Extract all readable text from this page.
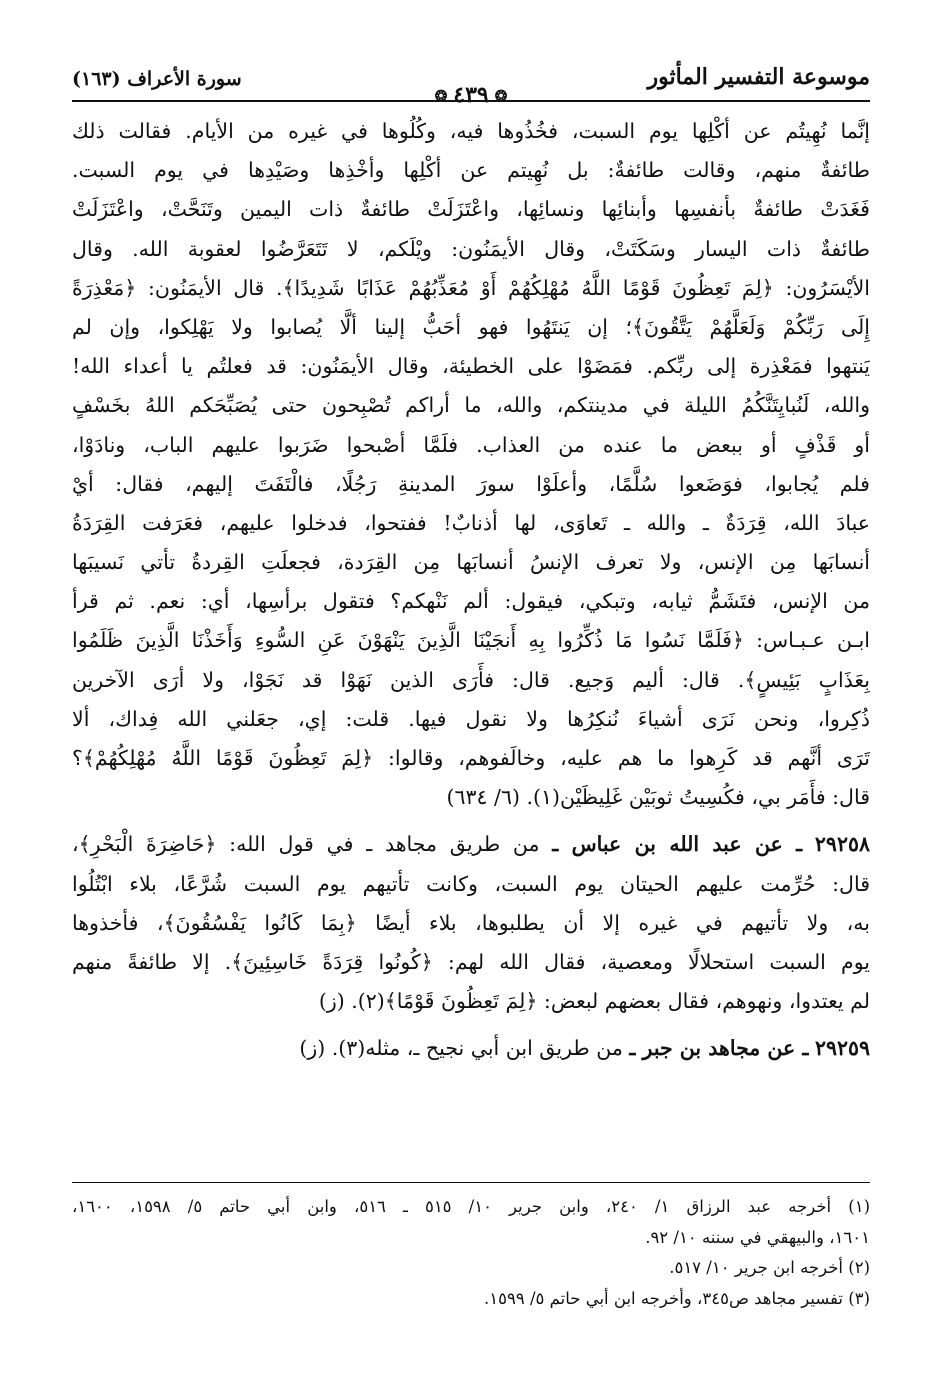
موسوعة التفسير المأثور
❂٤٣٩❂
سورة الأعراف (١٦٣)
إنَّما نُهِيتُم عن أكْلِها يوم السبت، فخُذُوها فيه، وكُلُوها في غيره من الأيام. فقالت ذلك
طائفةٌ منهم، وقالت طائفةٌ: بل نُهِيتم عن أكْلِها وأخْذِها وصَيْدِها في يوم السبت.
فَغَدَتْ طائفةٌ بأنفسِها وأبنائِها ونسائِها، واعْتَزَلَتْ طائفةٌ ذات اليمين وتَنَحَّتْ، واعْتَزَلَتْ
طائفةٌ ذات اليسار وسَكَتَتْ، وقال الأيمَنُون: ويْلَكم، لا تَتَعَرَّضُوا لعقوبة الله. وقال
الأيْسَرُون: ﴿لِمَ تَعِظُونَ قَوْمًا اللَّهُ مُهْلِكُهُمْ أَوْ مُعَذِّبُهُمْ عَذَابًا شَدِيدًا﴾. قال الأيمَنُون: ﴿مَعْذِرَةً
إِلَى رَبِّكُمْ وَلَعَلَّهُمْ يَتَّقُونَ﴾؛ إن يَنتَهُوا فهو أحَبُّ إلينا ألَّا يُصابوا ولا يَهْلِكوا، وإن لم
يَنتهوا فمَعْذِرة إلى ربِّكم. فمَضَوْا على الخطيئة، وقال الأيمَنُون: قد فعلتُم يا أعداء الله!
والله، لَنُبايِتَنَّكُمُ الليلة في مدينتكم، والله، ما أراكم تُصْبِحون حتى يُصَبِّحَكم اللهُ بخَسْفٍ
أو قَذْفٍ أو ببعض ما عنده من العذاب. فلَمَّا أصْبحوا ضَرَبوا عليهم الباب، ونادَوْا،
فلم يُجابوا، فوَضَعوا سُلَّمًا، وأعلَوْا سورَ المدينةِ رَجُلًا، فالْتَفَتَ إليهم، فقال: أيْ
عبادَ الله، قِرَدَةٌ ـ والله ـ تَعاوَى، لها أذنابٌ! ففتحوا، فدخلوا عليهم، فعَرَفت القِرَدَةُ
أنسابَها مِن الإنس، ولا تعرف الإنسُ أنسابَها مِن القِرَدة، فجعلَتِ القِردةُ تأتي نَسيبَها
من الإنس، فتَشَمُّ ثيابه، وتبكي، فيقول: ألم نَنْهكم؟ فتقول برأسِها، أي: نعم. ثم قرأ
ابـن عـبـاس: ﴿فَلَمَّا نَسُوا مَا ذُكِّرُوا بِهِ أَنجَيْنَا الَّذِينَ يَنْهَوْنَ عَنِ السُّوءِ وَأَخَذْنَا الَّذِينَ ظَلَمُوا
بِعَذَابٍ بَئِيسٍ﴾. قال: أليم وَجيع. قال: فأَرَى الذين نَهَوْا قد نَجَوْا، ولا أرَى الآخرين
ذُكِروا، ونحن نَرَى أشياءَ نُنكِرُها ولا نقول فيها. قلت: إي، جعَلني الله فِداك، ألا
تَرَى أنَّهم قد كَرِهوا ما هم عليه، وخالَفوهم، وقالوا: ﴿لِمَ تَعِظُونَ قَوْمًا اللَّهُ مُهْلِكُهُمْ﴾؟
قال: فأَمَر بي، فكُسِيتُ ثوبَيْن غَلِيظَيْن(١). (٦/ ٦٣٤)
٢٩٢٥٨ ـ عن عبد الله بن عباس ـ من طريق مجاهد ـ في قول الله: ﴿حَاضِرَةَ الْبَحْرِ﴾،
قال: حُرِّمت عليهم الحيتان يوم السبت، وكانت تأتيهم يوم السبت شُرَّعًا، بلاء ابْتُلُوا
به، ولا تأتيهم في غيره إلا أن يطلبوها، بلاء أيضًا ﴿بِمَا كَانُوا يَفْسُقُونَ﴾، فأخذوها
يوم السبت استحلالًا ومعصية، فقال الله لهم: ﴿كُونُوا قِرَدَةً خَاسِئِينَ﴾. إلا طائفةً منهم
لم يعتدوا، ونهوهم، فقال بعضهم لبعض: ﴿لِمَ تَعِظُونَ قَوْمًا﴾(٢). (ز)
٢٩٢٥٩ ـ عن مجاهد بن جبر ـ من طريق ابن أبي نجيح ـ، مثله(٣). (ز)
(١) أخرجه عبد الرزاق ١/ ٢٤٠، وابن جرير ١٠/ ٥١٥ ـ ٥١٦، وابن أبي حاتم ٥/ ١٥٩٨، ١٦٠٠،
١٦٠١، والبيهقي في سننه ١٠/ ٩٢.
(٢) أخرجه ابن جرير ١٠/ ٥١٧.
(٣) تفسير مجاهد ص٣٤٥، وأخرجه ابن أبي حاتم ٥/ ١٥٩٩.
